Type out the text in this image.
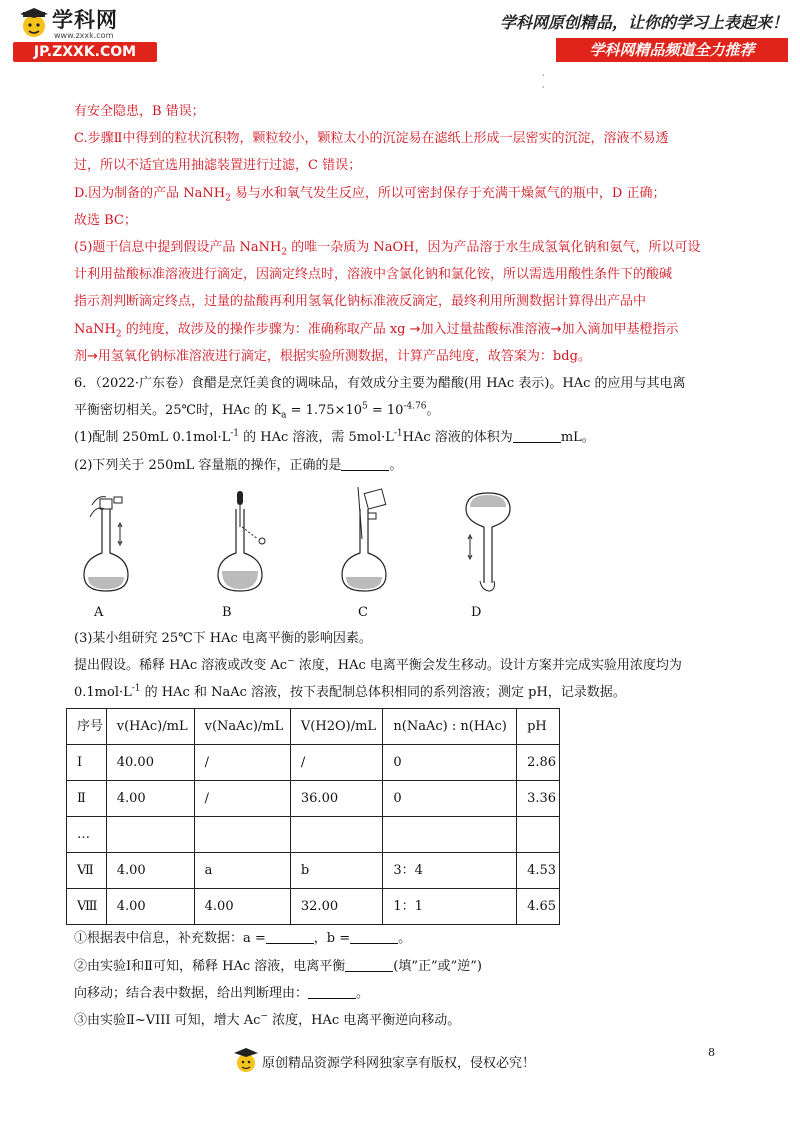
学科网
www.zxxk.com
JP.ZXXK.COM
学科网原创精品，让你的学习上表起来！
学科网精品频道全力推荐
·
·

有安全隐患，B 错误；

C.步骤Ⅱ中得到的粒状沉积物，颗粒较小，颗粒太小的沉淀易在滤纸上形成一层密实的沉淀，溶液不易透

过，所以不适宜选用抽滤装置进行过滤，C 错误；

D.因为制备的产品 NaNH$_2$ 易与水和氧气发生反应，所以可密封保存于充满干燥氮气的瓶中，D 正确；

故选 BC；

(5)题干信息中提到假设产品 NaNH$_2$ 的唯一杂质为 NaOH，因为产品溶于水生成氢氧化钠和氨气，所以可设

计利用盐酸标准溶液进行滴定，因滴定终点时，溶液中含氯化钠和氯化铵，所以需选用酸性条件下的酸碱

指示剂判断滴定终点，过量的盐酸再利用氢氧化钠标准液反滴定，最终利用所测数据计算得出产品中

NaNH$_2$ 的纯度，故涉及的操作步骤为：准确称取产品 xg →加入过量盐酸标准溶液→加入滴加甲基橙指示

剂→用氢氧化钠标准溶液进行滴定，根据实验所测数据，计算产品纯度，故答案为：bdg。

6．（2022·广东卷）食醋是烹饪美食的调味品，有效成分主要为醋酸(用 HAc 表示)。HAc 的应用与其电离

平衡密切相关。25℃时，HAc 的 $K_a = 1.75\times 10^5 = 10^{-4.76}$。

(1)配制 250mL $0.1mol\cdot L^{-1}$ 的 HAc 溶液，需 $5mol\cdot L^{-1}HAc$ 溶液的体积为	mL。

(2)下列关于 250mL 容量瓶的操作，正确的是	。

A	B	C	D

(3)某小组研究 25℃下 HAc 电离平衡的影响因素。

提出假设。稀释 HAc 溶液或改变 Ac− 浓度，HAc 电离平衡会发生移动。设计方案并完成实验用浓度均为

$0.1mol\cdot L^{-1}$ 的 HAc 和 NaAc 溶液，按下表配制总体积相同的系列溶液；测定 pH，记录数据。

序号	v(HAc)/mL	v(NaAc)/mL	V(H2O)/mL	n(NaAc) : n(HAc)	pH
Ⅰ	40.00	/	/	0	2.86
Ⅱ	4.00	/	36.00	0	3.36
…					
Ⅶ	4.00	a	b	3：4	4.53
Ⅷ	4.00	4.00	32.00	1：1	4.65

①根据表中信息，补充数据：a =	，b =	。

②由实验Ⅰ和Ⅱ可知，稀释 HAc 溶液，电离平衡	(填”正”或”逆”)

向移动；结合表中数据，给出判断理由：	。

③由实验Ⅱ~VIII 可知，增大 Ac− 浓度，HAc 电离平衡逆向移动。

8
原创精品资源学科网独家享有版权，侵权必究！
